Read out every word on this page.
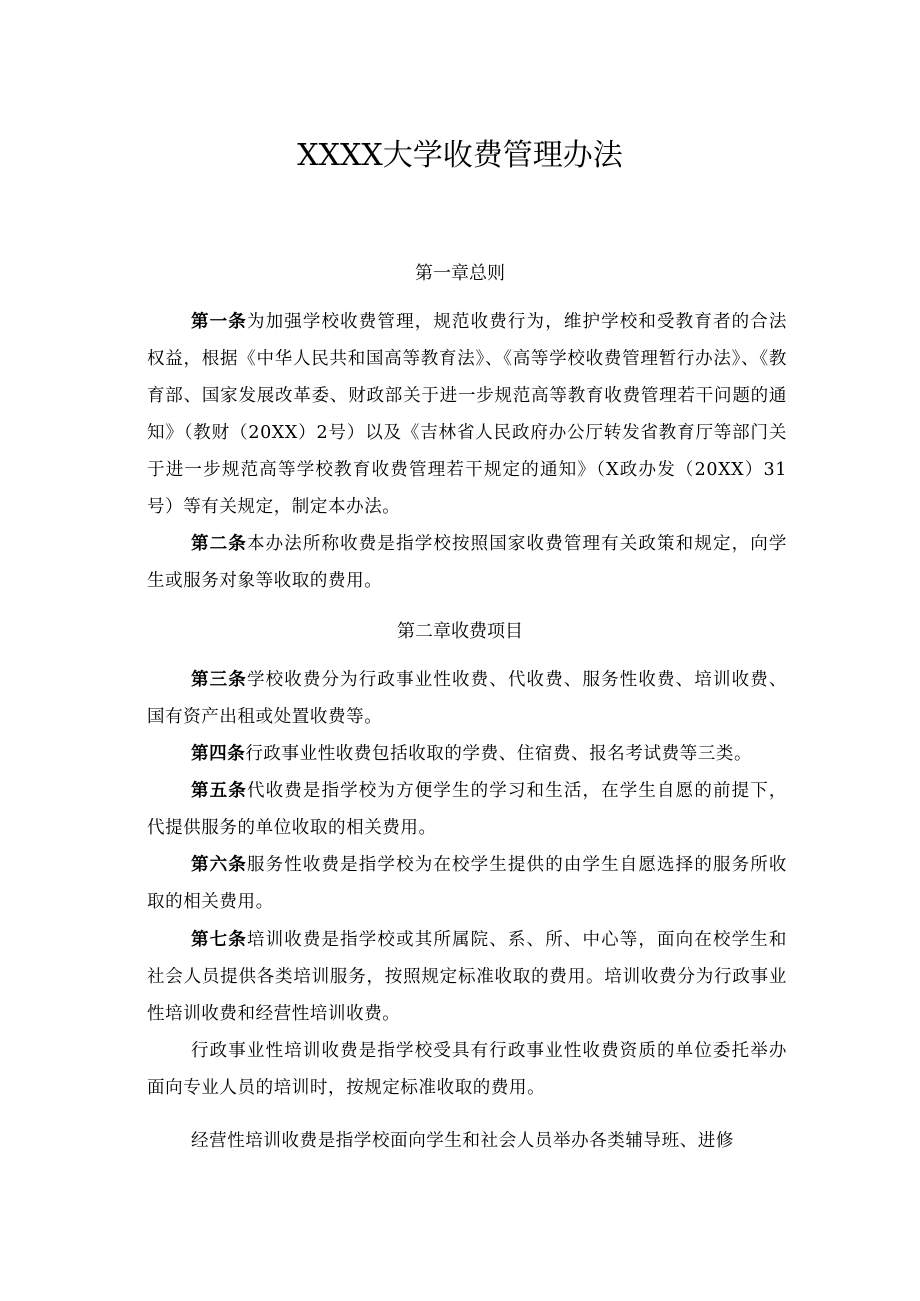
XXXX大学收费管理办法
第一章总则

第一条为加强学校收费管理，规范收费行为，维护学校和受教育者的合法权益，根据《中华人民共和国高等教育法》、《高等学校收费管理暂行办法》、《教育部、国家发展改革委、财政部关于进一步规范高等教育收费管理若干问题的通知》（教财（20XX）2号）以及《吉林省人民政府办公厅转发省教育厅等部门关于进一步规范高等学校教育收费管理若干规定的通知》（X政办发（20XX）31号）等有关规定，制定本办法。

第二条本办法所称收费是指学校按照国家收费管理有关政策和规定，向学生或服务对象等收取的费用。

第二章收费项目

第三条学校收费分为行政事业性收费、代收费、服务性收费、培训收费、国有资产出租或处置收费等。

第四条行政事业性收费包括收取的学费、住宿费、报名考试费等三类。

第五条代收费是指学校为方便学生的学习和生活，在学生自愿的前提下，代提供服务的单位收取的相关费用。

第六条服务性收费是指学校为在校学生提供的由学生自愿选择的服务所收取的相关费用。

第七条培训收费是指学校或其所属院、系、所、中心等，面向在校学生和社会人员提供各类培训服务，按照规定标准收取的费用。培训收费分为行政事业性培训收费和经营性培训收费。

行政事业性培训收费是指学校受具有行政事业性收费资质的单位委托举办面向专业人员的培训时，按规定标准收取的费用。

经营性培训收费是指学校面向学生和社会人员举办各类辅导班、进修
